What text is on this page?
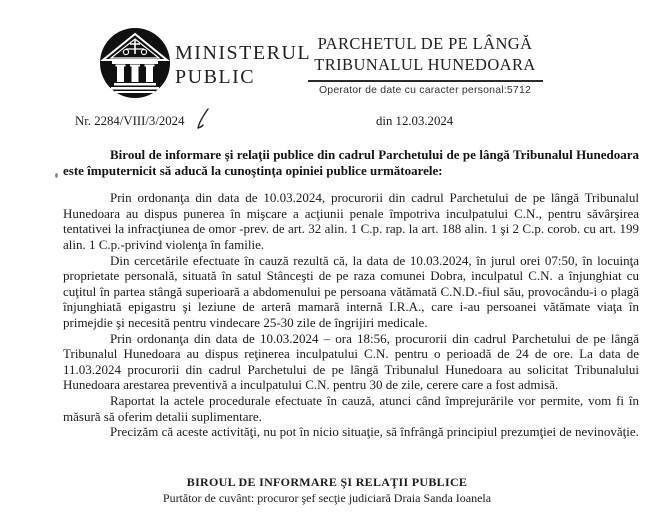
MINISTERUL
PUBLIC
PARCHETUL DE PE LÂNGĂ
TRIBUNALUL HUNEDOARA
Operator de date cu caracter personal:5712
Nr. 2284/VIII/3/2024	din 12.03.2024

Biroul de informare şi relaţii publice din cadrul Parchetului de pe lângă Tribunalul Hunedoara este împuternicit să aducă la cunoştinţa opiniei publice următoarele:

Prin ordonanţa din data de 10.03.2024, procurorii din cadrul Parchetului de pe lângă Tribunalul Hunedoara au dispus punerea în mişcare a acţiunii penale împotriva inculpatului C.N., pentru săvârşirea tentativei la infracţiunea de omor -prev. de art. 32 alin. 1 C.p. rap. la art. 188 alin. 1 şi 2 C.p. corob. cu art. 199 alin. 1 C.p.-privind violenţa în familie.

Din cercetările efectuate în cauză rezultă că, la data de 10.03.2024, în jurul orei 07:50, în locuinţa proprietate personală, situată în satul Stânceşti de pe raza comunei Dobra, inculpatul C.N. a înjunghiat cu cuţitul în partea stângă superioară a abdomenului pe persoana vătămată C.N.D.-fiul său, provocându-i o plagă înjunghiată epigastru şi leziune de arteră mamară internă I.R.A., care i-au persoanei vătămate viaţa în primejdie şi necesită pentru vindecare 25-30 zile de îngrijiri medicale.

Prin ordonanţa din data de 10.03.2024 – ora 18:56, procurorii din cadrul Parchetului de pe lângă Tribunalul Hunedoara au dispus reţinerea inculpatului C.N. pentru o perioadă de 24 de ore. La data de 11.03.2024 procurorii din cadrul Parchetului de pe lângă Tribunalul Hunedoara au solicitat Tribunalului Hunedoara arestarea preventivă a inculpatului C.N. pentru 30 de zile, cerere care a fost admisă.

Raportat la actele procedurale efectuate în cauză, atunci când împrejurările vor permite, vom fi în măsură să oferim detalii suplimentare.

Precizăm că aceste activităţi, nu pot în nicio situaţie, să înfrângă principiul prezumţiei de nevinovăţie.

BIROUL DE INFORMARE ŞI RELAŢII PUBLICE
Purtător de cuvânt: procuror şef secţie judiciară Draia Sanda Ioanela
